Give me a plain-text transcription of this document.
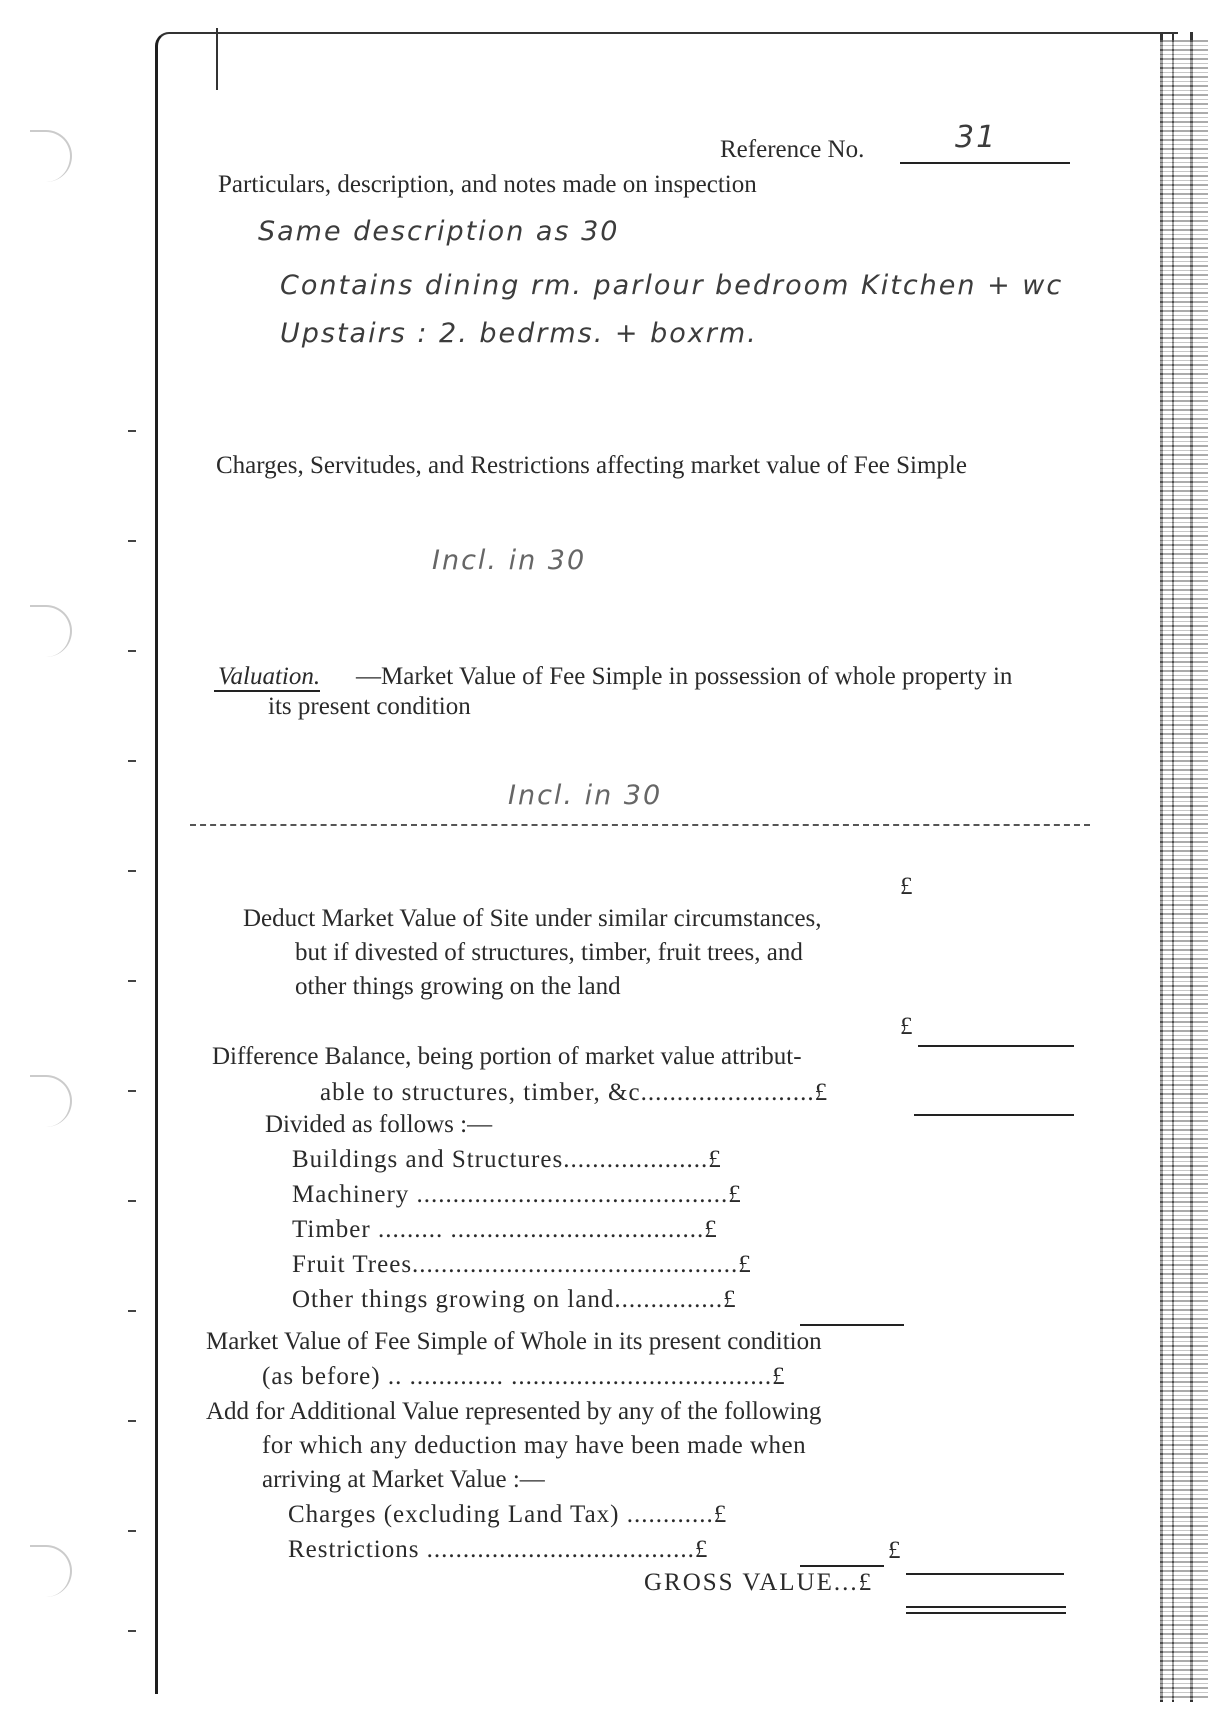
Reference No.	31
Particulars, description, and notes made on inspection
Same description as 30
Contains dining rm. parlour bedroom Kitchen + wc
Upstairs : 2. bedrms. + boxrm.
Charges, Servitudes, and Restrictions affecting market value of Fee Simple
Incl. in 30
Valuation. —Market Value of Fee Simple in possession of whole property in
its present condition
Incl. in 30
£
Deduct Market Value of Site under similar circumstances,
but if divested of structures, timber, fruit trees, and
other things growing on the land
£
Difference Balance, being portion of market value attribut-
able to structures, timber, &c........................£
Divided as follows :—
Buildings and Structures....................£
Machinery ...........................................£
Timber ......... ...................................£
Fruit Trees.............................................£
Other things growing on land...............£
Market Value of Fee Simple of Whole in its present condition
(as before) .. ............. ....................................£
Add for Additional Value represented by any of the following
for which any deduction may have been made when
arriving at Market Value :—
Charges (excluding Land Tax) ............£
Restrictions .....................................£	£
GROSS VALUE...£
